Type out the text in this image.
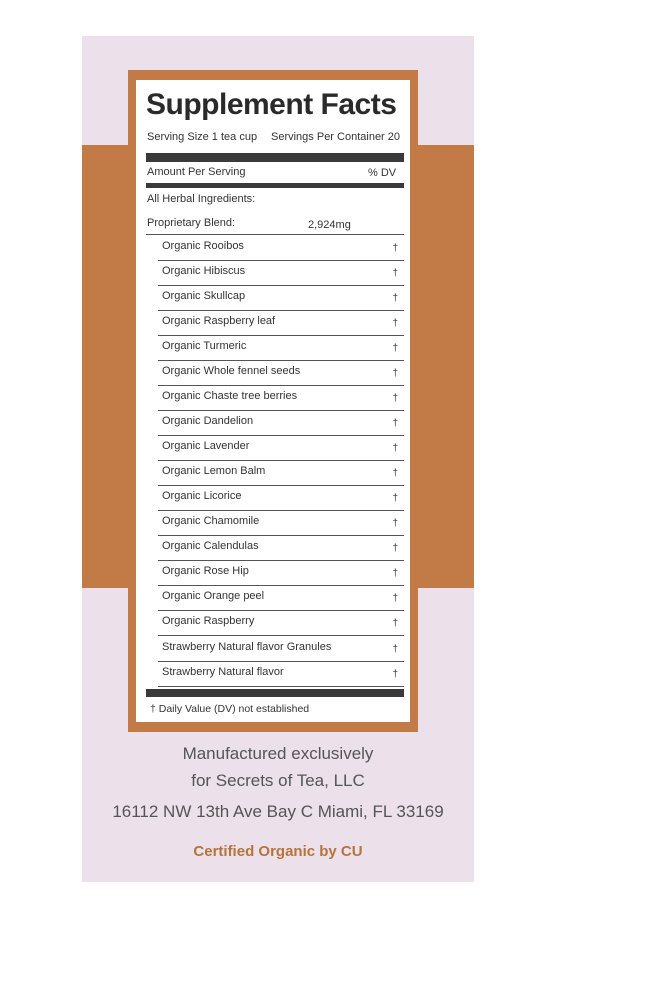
Supplement Facts
Serving Size 1 tea cup Servings Per Container 20
Amount Per Serving	% DV
All Herbal Ingredients:
Proprietary Blend:	2,924mg
Organic Rooibos	†
Organic Hibiscus	†
Organic Skullcap	†
Organic Raspberry leaf	†
Organic Turmeric	†
Organic Whole fennel seeds	†
Organic Chaste tree berries	†
Organic Dandelion	†
Organic Lavender	†
Organic Lemon Balm	†
Organic Licorice	†
Organic Chamomile	†
Organic Calendulas	†
Organic Rose Hip	†
Organic Orange peel	†
Organic Raspberry	†
Strawberry Natural flavor Granules	†
Strawberry Natural flavor	†
† Daily Value (DV) not established
Manufactured exclusively
for Secrets of Tea, LLC
16112 NW 13th Ave Bay C Miami, FL 33169
Certified Organic by CU
